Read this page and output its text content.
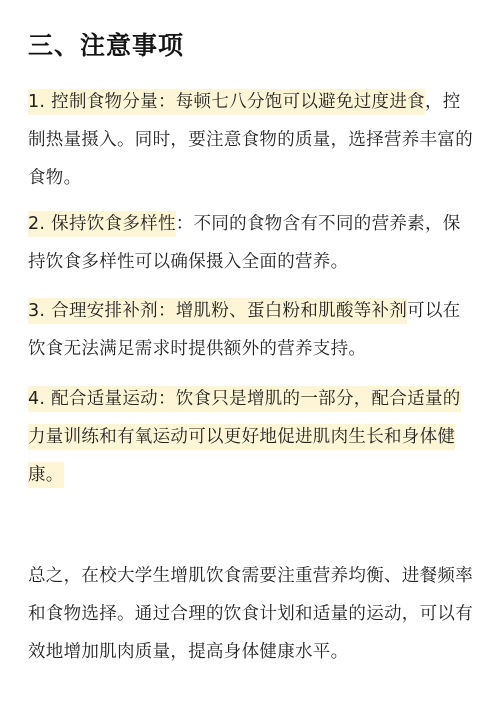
三、注意事项

1. 控制食物分量：每顿七八分饱可以避免过度进食，控制热量摄入。同时，要注意食物的质量，选择营养丰富的食物。

2. 保持饮食多样性：不同的食物含有不同的营养素，保持饮食多样性可以确保摄入全面的营养。

3. 合理安排补剂：增肌粉、蛋白粉和肌酸等补剂可以在饮食无法满足需求时提供额外的营养支持。

4. 配合适量运动：饮食只是增肌的一部分，配合适量的力量训练和有氧运动可以更好地促进肌肉生长和身体健康。

总之，在校大学生增肌饮食需要注重营养均衡、进餐频率和食物选择。通过合理的饮食计划和适量的运动，可以有效地增加肌肉质量，提高身体健康水平。
